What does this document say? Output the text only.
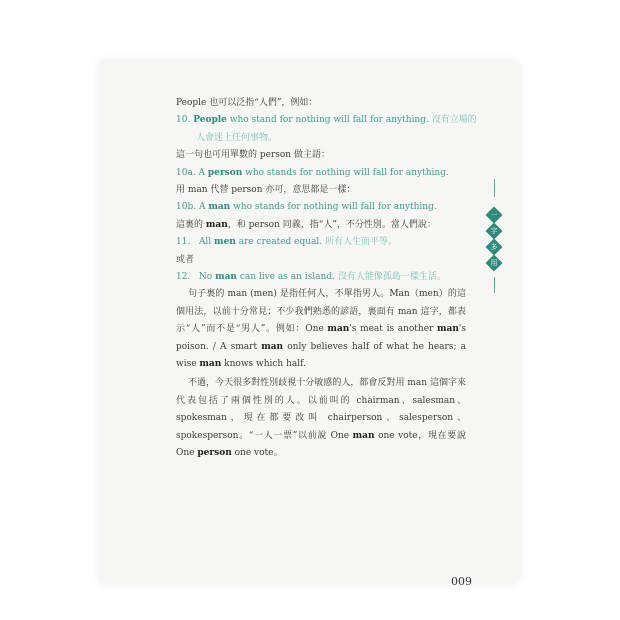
People 也可以泛指“人們”，例如：
10. People who stand for nothing will fall for anything. 沒有立場的
人會迷上任何事物。
這一句也可用單數的 person 做主語：
10a. A person who stands for nothing will fall for anything.
用 man 代替 person 亦可，意思都是一樣：
10b. A man who stands for nothing will fall for anything.
這裏的 man，和 person 同義，指“人”，不分性別。當人們說：
11. All men are created equal. 所有人生而平等。
或者
12. No man can live as an island. 沒有人能像孤島一樣生活。
句子裏的 man (men) 是指任何人，不單指男人。Man（men）的這個用法，以前十分常見；不少我們熟悉的諺語，裏面有 man 這字，都表示“人”而不是“男人”。例如：One man's meat is another man's poison. / A smart man only believes half of what he hears; a wise man knows which half.
不過，今天很多對性別歧視十分敏感的人，都會反對用 man 這個字來代表包括了兩個性別的人。以前叫的 chairman、salesman、spokesman，現在都要改叫 chairperson、salesperson、spokesperson。“一人一票”以前說 One man one vote，現在要說 One person one vote。
一
字
多
用
009
